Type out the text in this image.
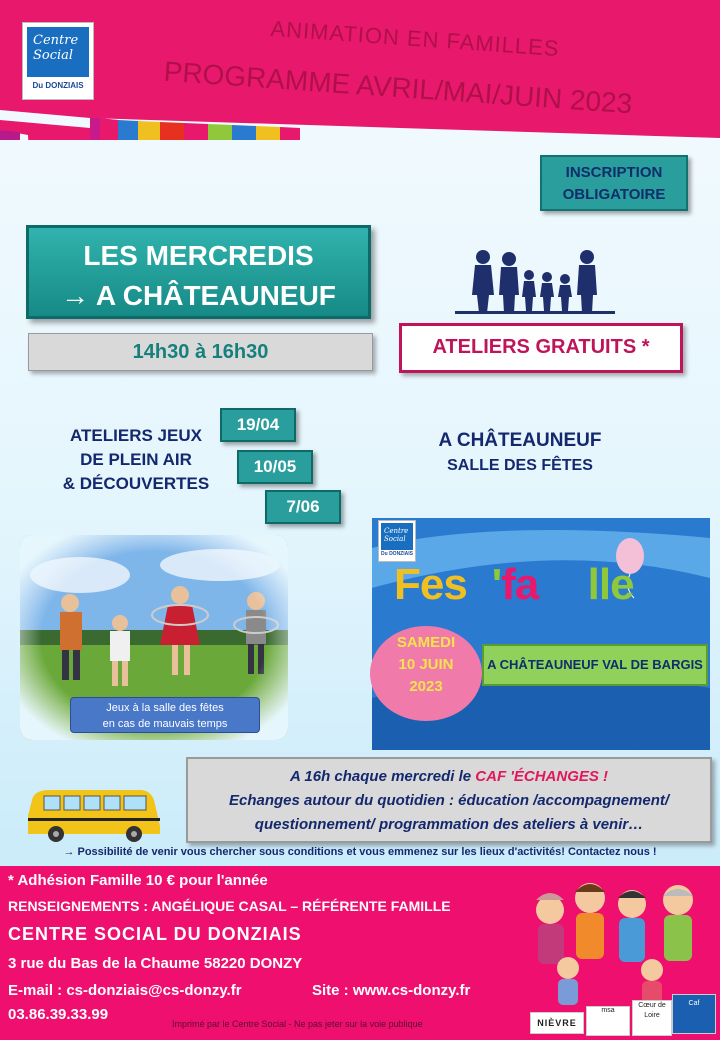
Centre Social
Du DONZIAIS
ANIMATION EN FAMILLES
PROGRAMME AVRIL/MAI/JUIN 2023
INSCRIPTION
OBLIGATOIRE
LES MERCREDIS
→ A CHÂTEAUNEUF
14h30 à 16h30	ATELIERS GRATUITS *
ATELIERS JEUX
DE PLEIN AIR
& DÉCOUVERTES
19/04
10/05
7/06
A CHÂTEAUNEUF
SALLE DES FÊTES
Jeux à la salle des fêtes
en cas de mauvais temps
Centre Social
Du DONZIAIS
Festi'famille
SAMEDI
10 JUIN
2023
A CHÂTEAUNEUF VAL DE BARGIS
A 16h chaque mercredi le CAF 'ÉCHANGES !
Echanges autour du quotidien : éducation /accompagnement/
questionnement/ programmation des ateliers à venir…
→ Possibilité de venir vous chercher sous conditions et vous emmenez sur les lieux d'activités! Contactez nous !
* Adhésion Famille 10 € pour l'année
RENSEIGNEMENTS : ANGÉLIQUE CASAL – RÉFÉRENTE FAMILLE
CENTRE SOCIAL DU DONZIAIS
3 rue du Bas de la Chaume 58220 DONZY
E-mail : cs-donziais@cs-donzy.fr	Site : www.cs-donzy.fr
03.86.39.33.99
Imprimé par le Centre Social - Ne pas jeter sur la voie publique	NIÈVRE
msa
Cœur de Loire
Caf
